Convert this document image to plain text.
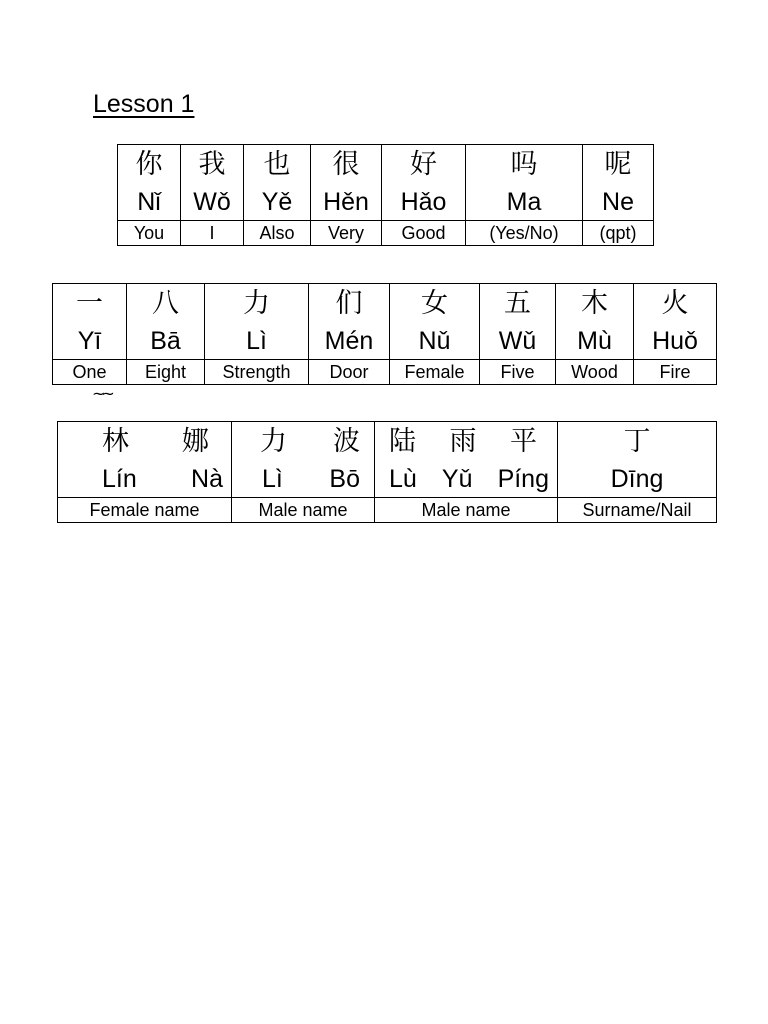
Lesson 1
你	我	也	很	好	吗	呢
Nǐ	Wǒ	Yě	Hěn	Hǎo	Ma	Ne
You	I	Also	Very	Good	(Yes/No)	(qpt)
一	八	力	们	女	五	木	火
Yī	Bā	Lì	Mén	Nǔ	Wǔ	Mù	Huǒ
One	Eight	Strength	Door	Female	Five	Wood	Fire
~~
林 娜	力 波	陆 雨 平	丁

Lín Nà	Lì Bō	Lù Yǔ Píng	Dīng
Female name	Male name	Male name	Surname/Nail
